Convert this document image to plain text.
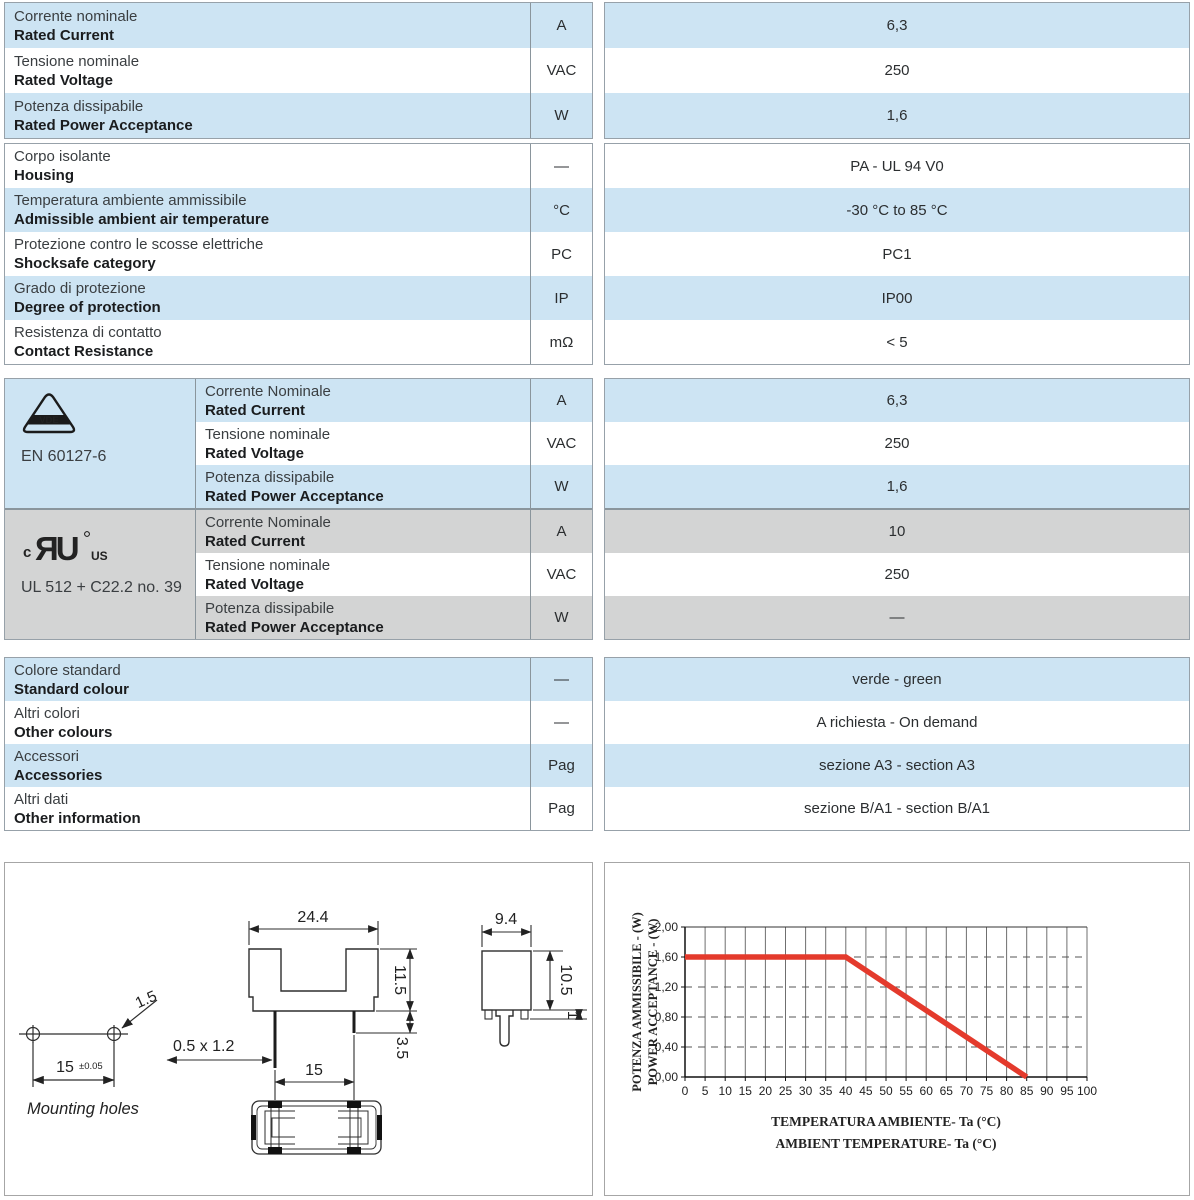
Corrente nominale
Rated Current
A
Tensione nominale
Rated Voltage
VAC
Potenza dissipabile
Rated Power Acceptance
W
6,3
250
1,6
Corpo isolante
Housing
—
Temperatura ambiente ammissibile
Admissible ambient air temperature
°C
Protezione contro le scosse elettriche
Shocksafe category
PC
Grado di protezione
Degree of protection
IP
Resistenza di contatto
Contact Resistance
mΩ
PA - UL 94 V0
-30 °C to 85 °C
PC1
IP00
< 5
VDE
EN 60127-6
Corrente Nominale
Rated Current
A
Tensione nominale
Rated Voltage
VAC
Potenza dissipabile
Rated Power Acceptance
W
c ЯU US
UL 512 + C22.2 no. 39
Corrente Nominale
Rated Current
A
Tensione nominale
Rated Voltage
VAC
Potenza dissipabile
Rated Power Acceptance
W
6,3
250
1,6
10
250
—
Colore standard
Standard colour
—
Altri colori
Other colours
—
Accessori
Accessories
Pag
Altri dati
Other information
Pag
verde - green
A richiesta - On demand
sezione A3 - section A3
sezione B/A1 - section B/A1
1.5
15 ±0.05
Mounting holes
24.4
11.5
3.5
0.5 x 1.2
15
9.4
10.5
1
0 5 10 15 20 25 30 35 40 45 50 55 60 65 70 75 80 85 90 95 100
0,00
0,40
0,80
1,20
1,60
2,00
POTENZA AMMISSIBILE - (W) POWER ACCEPTANCE - (W)
TEMPERATURA AMBIENTE- Ta (°C)
AMBIENT TEMPERATURE- Ta (°C)
